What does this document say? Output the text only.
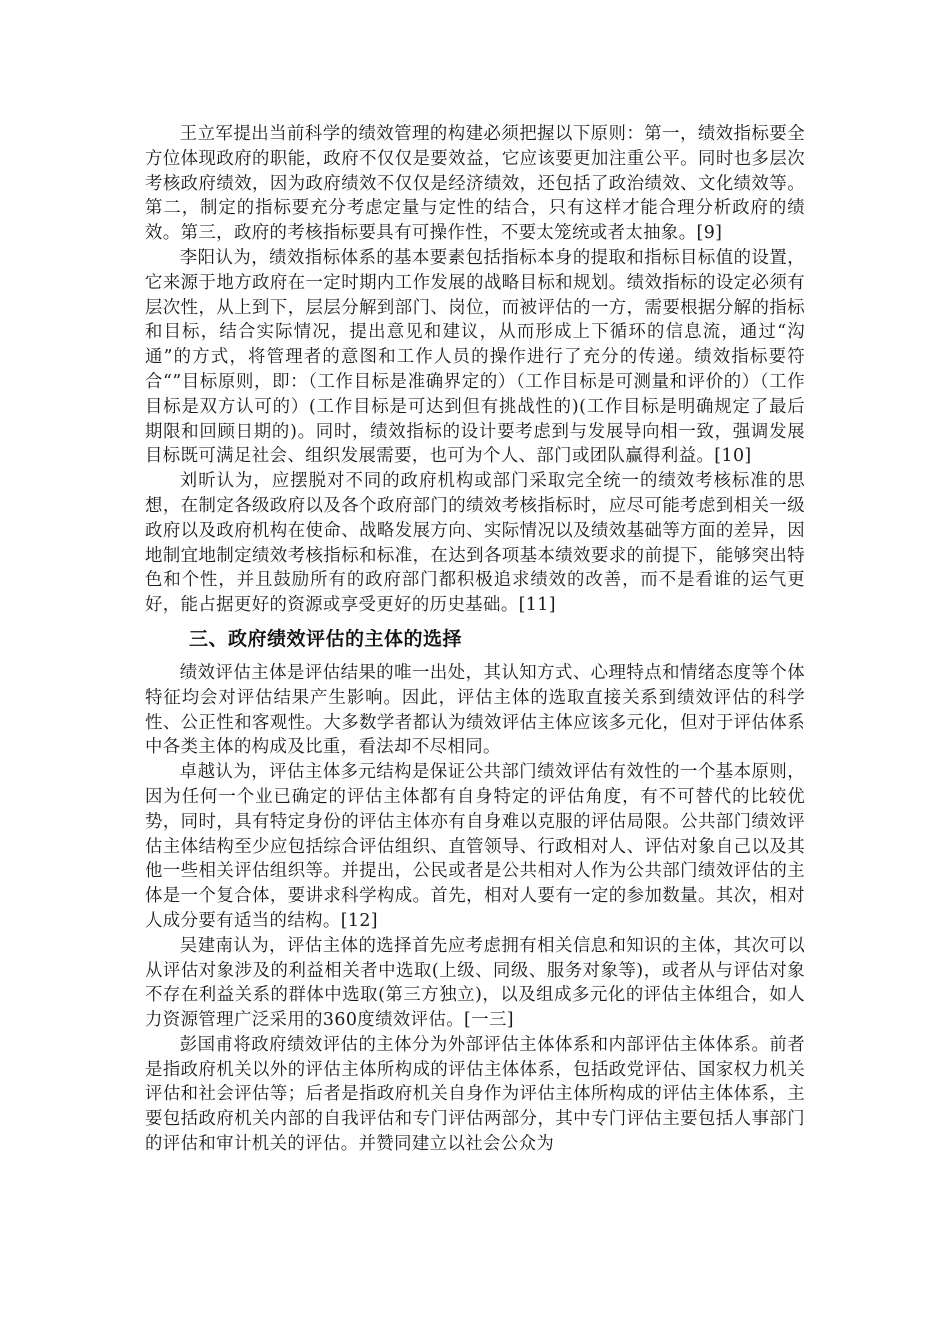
王立军提出当前科学的绩效管理的构建必须把握以下原则：第一，绩效指标要全方位体现政府的职能，政府不仅仅是要效益，它应该要更加注重公平。同时也多层次考核政府绩效，因为政府绩效不仅仅是经济绩效，还包括了政治绩效、文化绩效等。第二，制定的指标要充分考虑定量与定性的结合，只有这样才能合理分析政府的绩效。第三，政府的考核指标要具有可操作性，不要太笼统或者太抽象。[9]

李阳认为，绩效指标体系的基本要素包括指标本身的提取和指标目标值的设置，它来源于地方政府在一定时期内工作发展的战略目标和规划。绩效指标的设定必须有层次性，从上到下，层层分解到部门、岗位，而被评估的一方，需要根据分解的指标和目标，结合实际情况，提出意见和建议，从而形成上下循环的信息流，通过“沟通”的方式，将管理者的意图和工作人员的操作进行了充分的传递。绩效指标要符合“”目标原则，即：（工作目标是准确界定的）（工作目标是可测量和评价的）（工作目标是双方认可的）(工作目标是可达到但有挑战性的)(工作目标是明确规定了最后期限和回顾日期的)。同时，绩效指标的设计要考虑到与发展导向相一致，强调发展目标既可满足社会、组织发展需要，也可为个人、部门或团队赢得利益。[10]

刘昕认为，应摆脱对不同的政府机构或部门采取完全统一的绩效考核标准的思想，在制定各级政府以及各个政府部门的绩效考核指标时，应尽可能考虑到相关一级政府以及政府机构在使命、战略发展方向、实际情况以及绩效基础等方面的差异，因地制宜地制定绩效考核指标和标准，在达到各项基本绩效要求的前提下，能够突出特色和个性，并且鼓励所有的政府部门都积极追求绩效的改善，而不是看谁的运气更好，能占据更好的资源或享受更好的历史基础。[11]

三、政府绩效评估的主体的选择

绩效评估主体是评估结果的唯一出处，其认知方式、心理特点和情绪态度等个体特征均会对评估结果产生影响。因此，评估主体的选取直接关系到绩效评估的科学性、公正性和客观性。大多数学者都认为绩效评估主体应该多元化，但对于评估体系中各类主体的构成及比重，看法却不尽相同。

卓越认为，评估主体多元结构是保证公共部门绩效评估有效性的一个基本原则，因为任何一个业已确定的评估主体都有自身特定的评估角度，有不可替代的比较优势，同时，具有特定身份的评估主体亦有自身难以克服的评估局限。公共部门绩效评估主体结构至少应包括综合评估组织、直管领导、行政相对人、评估对象自己以及其他一些相关评估组织等。并提出，公民或者是公共相对人作为公共部门绩效评估的主体是一个复合体，要讲求科学构成。首先，相对人要有一定的参加数量。其次，相对人成分要有适当的结构。[12]

吴建南认为，评估主体的选择首先应考虑拥有相关信息和知识的主体，其次可以从评估对象涉及的利益相关者中选取(上级、同级、服务对象等)，或者从与评估对象不存在利益关系的群体中选取(第三方独立)，以及组成多元化的评估主体组合，如人力资源管理广泛采用的360度绩效评估。[一三]

彭国甫将政府绩效评估的主体分为外部评估主体体系和内部评估主体体系。前者是指政府机关以外的评估主体所构成的评估主体体系，包括政党评估、国家权力机关评估和社会评估等；后者是指政府机关自身作为评估主体所构成的评估主体体系，主要包括政府机关内部的自我评估和专门评估两部分，其中专门评估主要包括人事部门的评估和审计机关的评估。并赞同建立以社会公众为
